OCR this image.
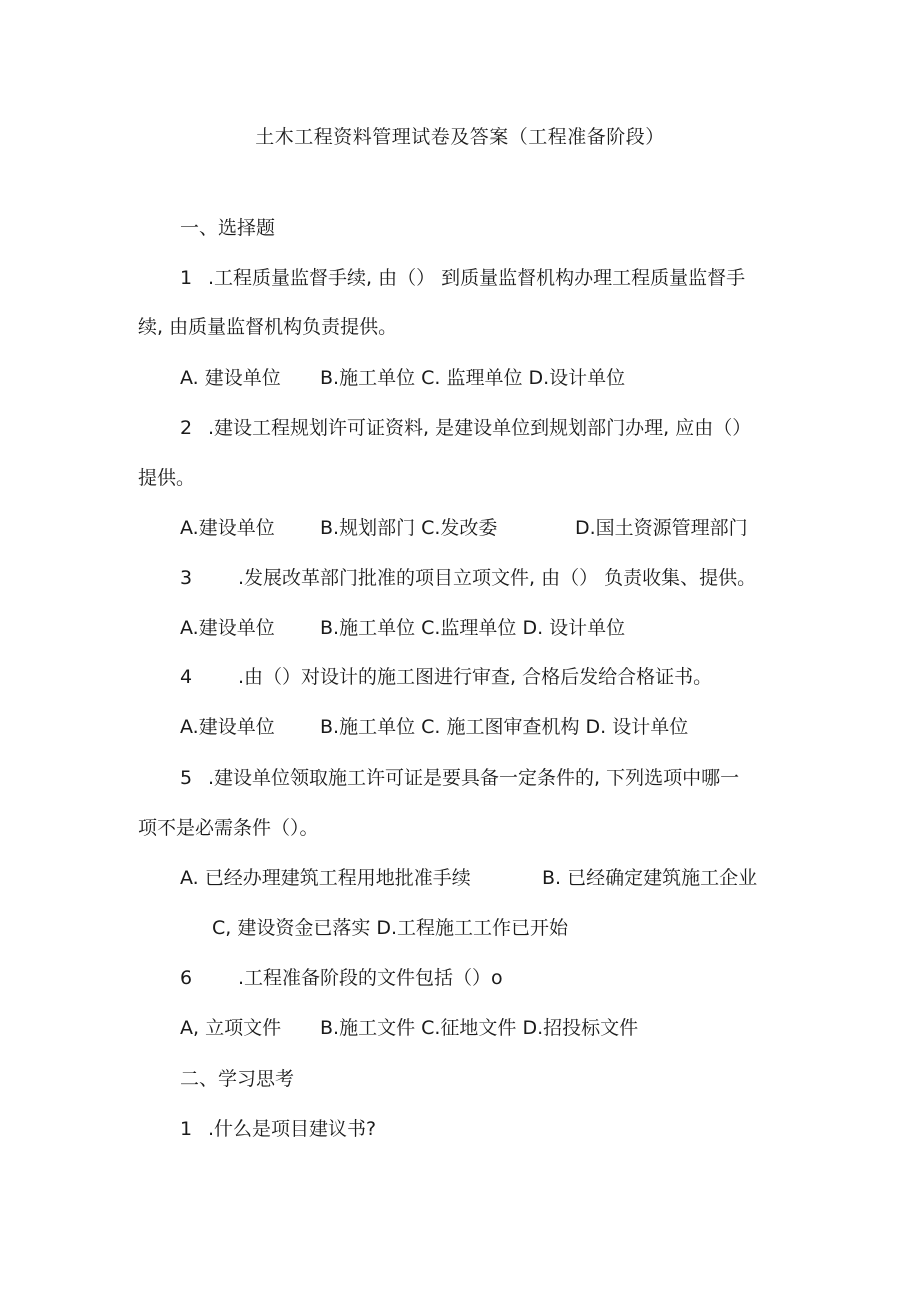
土木工程资料管理试卷及答案（工程准备阶段）
一、选择题
1 .工程质量监督手续, 由（） 到质量监督机构办理工程质量监督手
续, 由质量监督机构负责提供。
A. 建设单位 B.施工单位 C. 监理单位 D.设计单位
2 .建设工程规划许可证资料, 是建设单位到规划部门办理, 应由（）
提供。
A.建设单位 B.规划部门 C.发改委	D.国土资源管理部门
3 .发展改革部门批准的项目立项文件, 由（） 负责收集、提供。
A.建设单位 B.施工单位 C.监理单位 D. 设计单位
4 .由（）对设计的施工图进行审查, 合格后发给合格证书。
A.建设单位 B.施工单位 C. 施工图审查机构 D. 设计单位
5 .建设单位领取施工许可证是要具备一定条件的, 下列选项中哪一
项不是必需条件（）。
A. 已经办理建筑工程用地批准手续	B. 已经确定建筑施工企业
C, 建设资金已落实 D.工程施工工作已开始
6 .工程准备阶段的文件包括（）o
A, 立项文件 B.施工文件 C.征地文件 D.招投标文件
二、学习思考
1 .什么是项目建议书?
